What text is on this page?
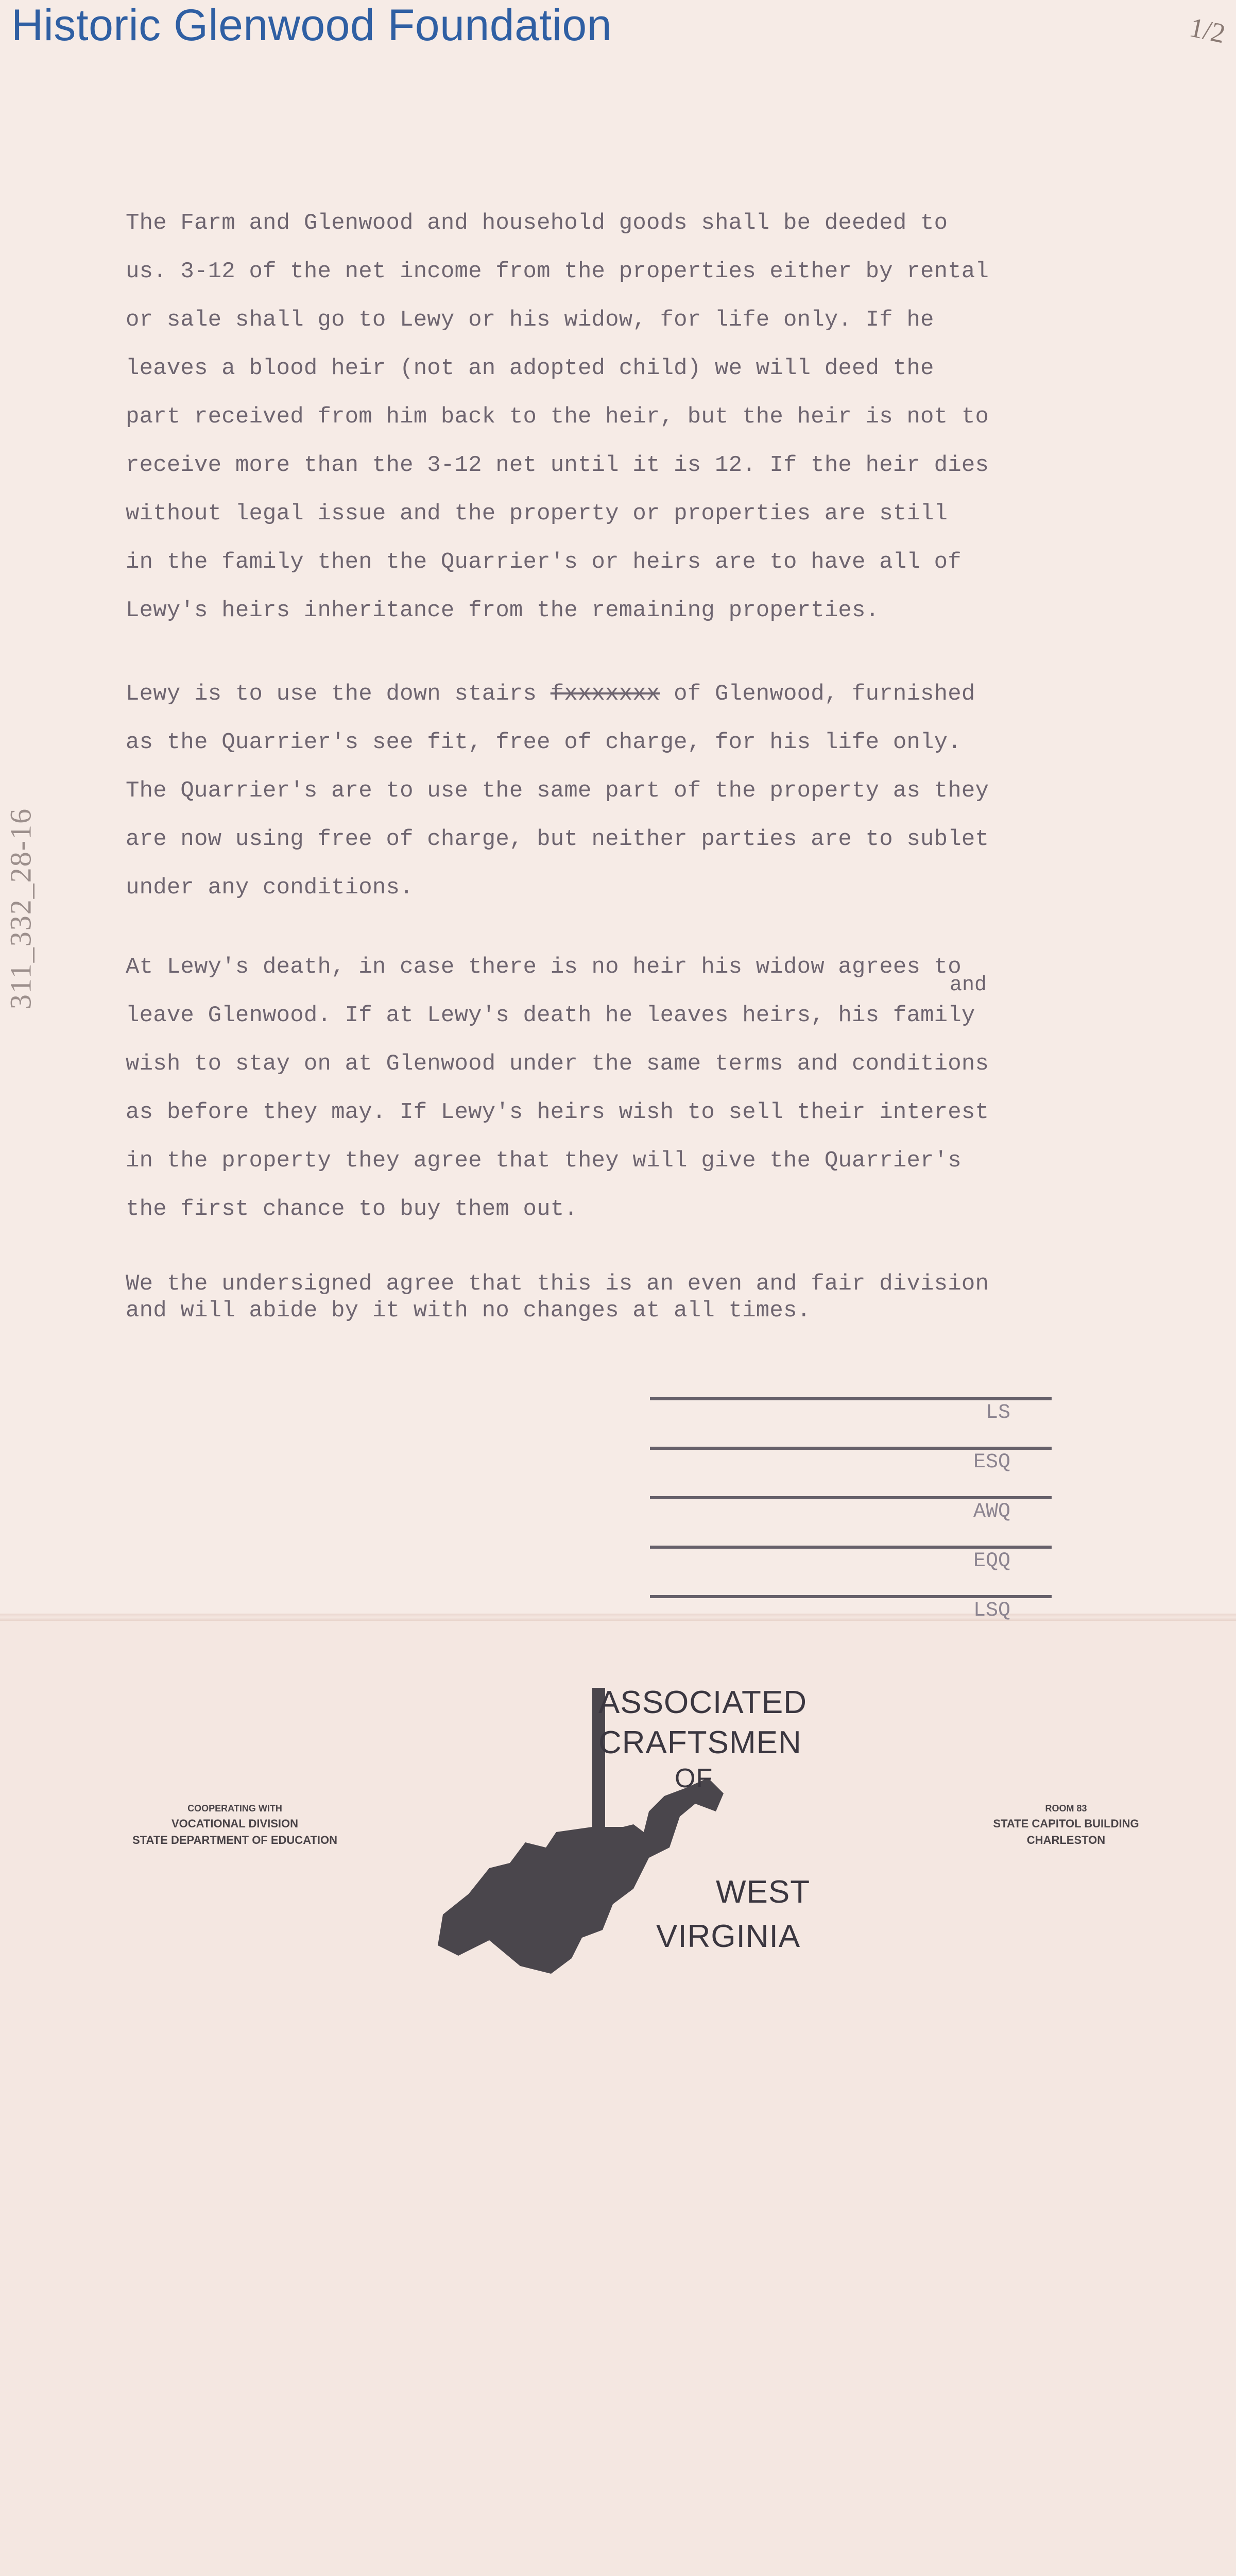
Historic Glenwood Foundation	1/2
311_332_28-16

The Farm and Glenwood and household goods shall be deeded to

us. 3-12 of the net income from the properties either by rental

or sale shall go to Lewy or his widow, for life only. If he

leaves a blood heir (not an adopted child) we will deed the

part received from him back to the heir, but the heir is not to

receive more than the 3-12 net until it is 12. If the heir dies

without legal issue and the property or properties are still

in the family then the Quarrier's or heirs are to have all of

Lewy's heirs inheritance from the remaining properties.

Lewy is to use the down stairs fxxxxxxx of Glenwood, furnished

as the Quarrier's see fit, free of charge, for his life only.

The Quarrier's are to use the same part of the property as they

are now using free of charge, but neither parties are to sublet

under any conditions.

At Lewy's death, in case there is no heir his widow agrees to

leave Glenwood. If at Lewy's death he leaves heirs, his family

wish to stay on at Glenwood under the same terms and conditions

as before they may. If Lewy's heirs wish to sell their interest

in the property they agree that they will give the Quarrier's

the first chance to buy them out.

and

We the undersigned agree that this is an even and fair division

and will abide by it with no changes at all times.

LS
ESQ
AWQ
EQQ
LSQ
COOPERATING WITH
VOCATIONAL DIVISION
STATE DEPARTMENT OF EDUCATION
ROOM 83
STATE CAPITOL BUILDING
CHARLESTON
ASSOCIATED
CRAFTSMEN
OF
WEST
VIRGINIA
